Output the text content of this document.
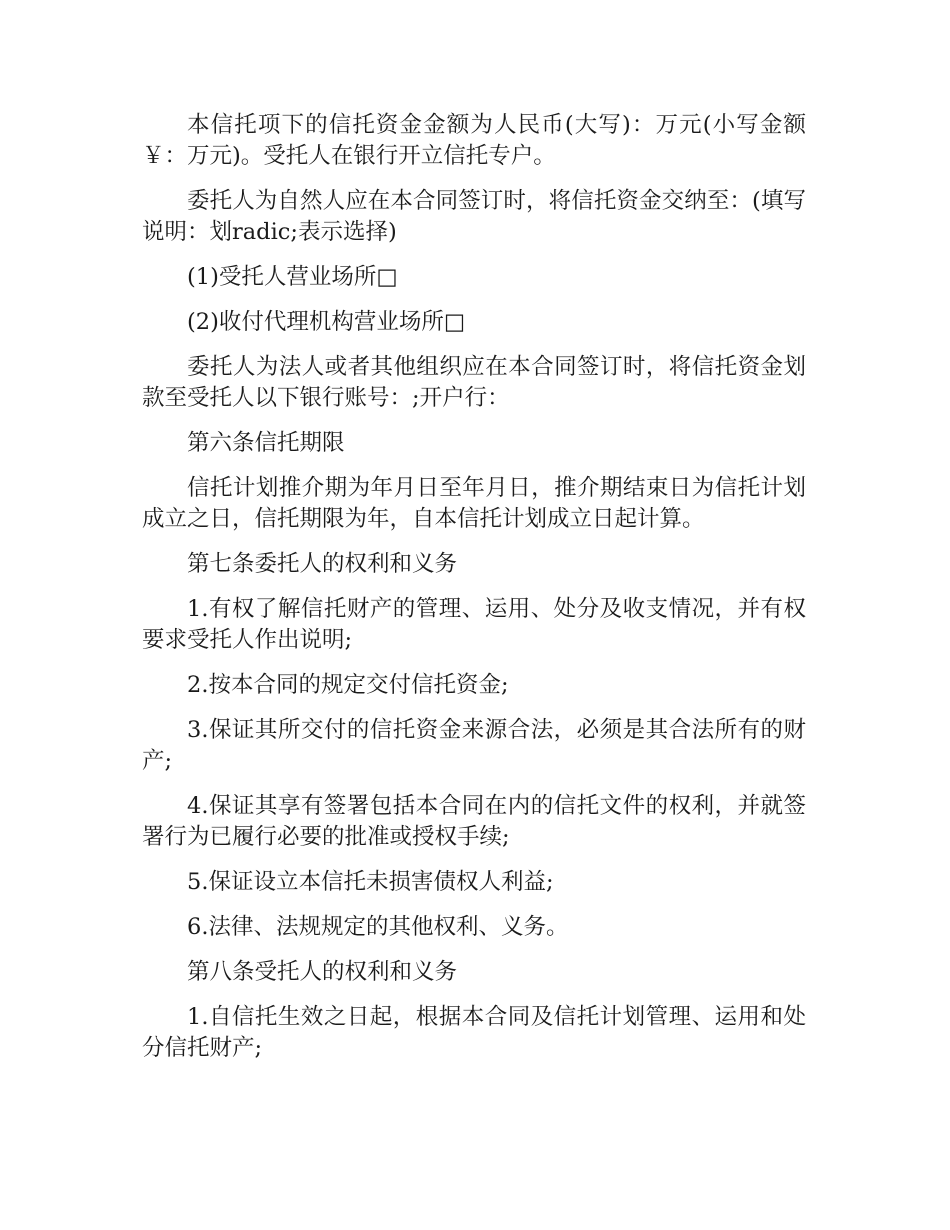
本信托项下的信托资金金额为人民币(大写)：万元(小写金额￥：万元)。受托人在银行开立信托专户。

委托人为自然人应在本合同签订时，将信托资金交纳至：(填写说明：划radic;表示选择)

(1)受托人营业场所□

(2)收付代理机构营业场所□

委托人为法人或者其他组织应在本合同签订时，将信托资金划款至受托人以下银行账号：;开户行：

第六条信托期限

信托计划推介期为年月日至年月日，推介期结束日为信托计划成立之日，信托期限为年，自本信托计划成立日起计算。

第七条委托人的权利和义务

1.有权了解信托财产的管理、运用、处分及收支情况，并有权要求受托人作出说明;

2.按本合同的规定交付信托资金;

3.保证其所交付的信托资金来源合法，必须是其合法所有的财产;

4.保证其享有签署包括本合同在内的信托文件的权利，并就签署行为已履行必要的批准或授权手续;

5.保证设立本信托未损害债权人利益;

6.法律、法规规定的其他权利、义务。

第八条受托人的权利和义务

1.自信托生效之日起，根据本合同及信托计划管理、运用和处分信托财产;
